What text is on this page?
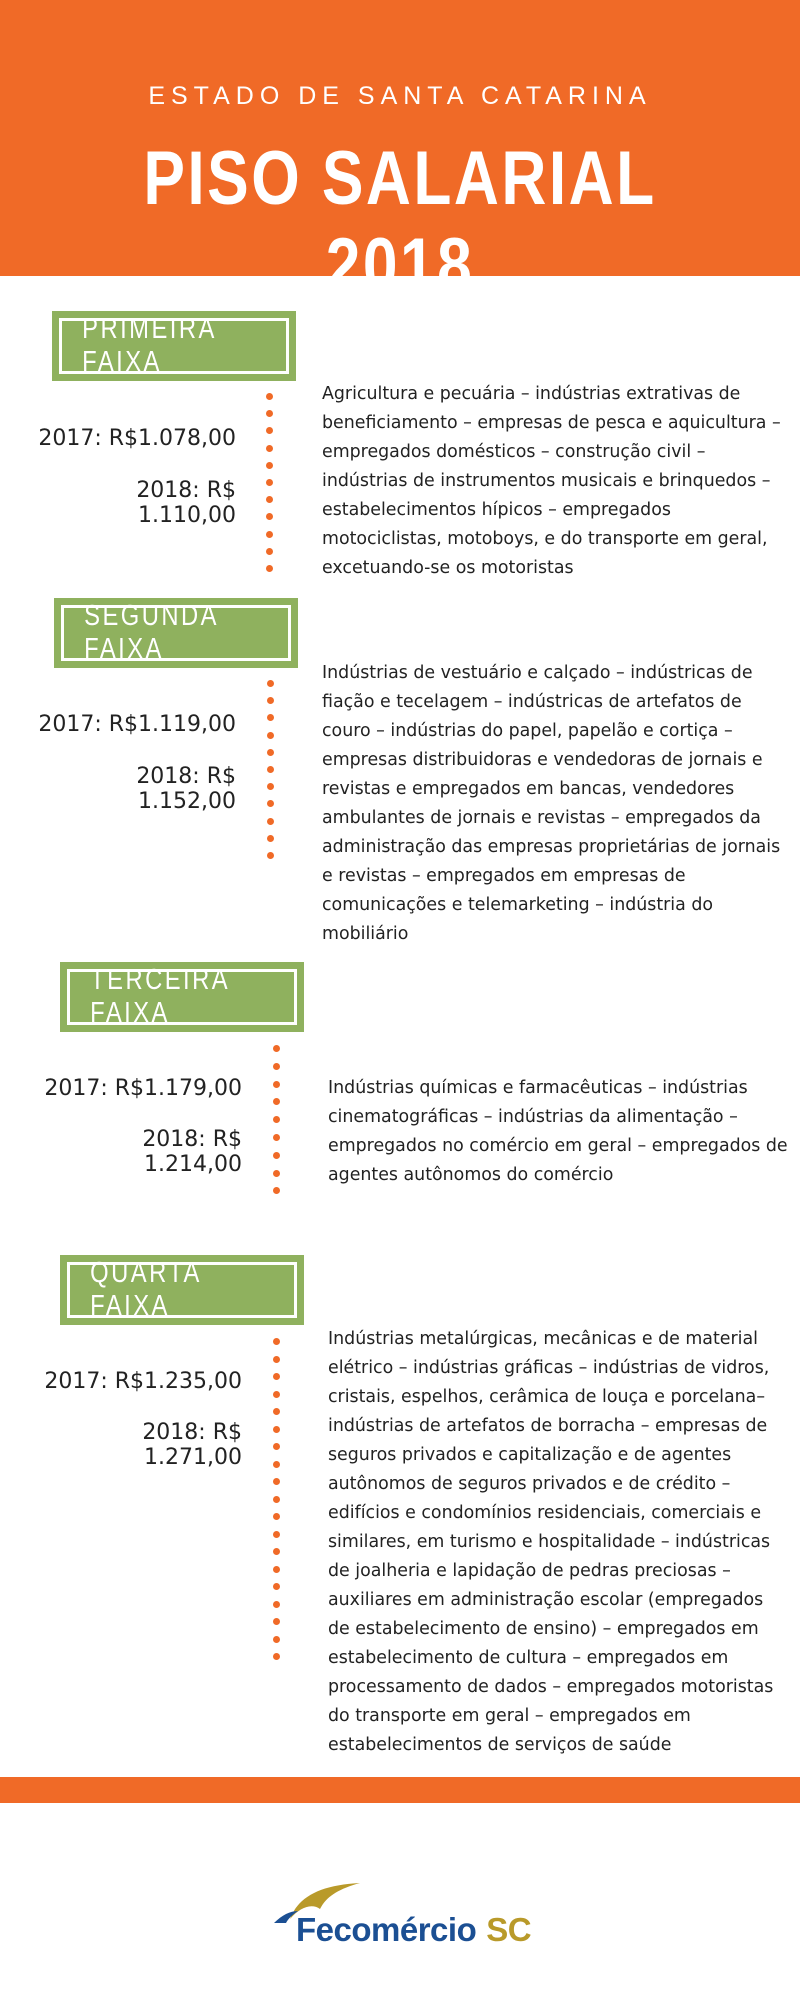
ESTADO DE SANTA CATARINA
PISO SALARIAL 2018
PRIMEIRA FAIXA
2017: R$1.078,00
2018: R$ 1.110,00
Agricultura e pecuária – indústrias extrativas de beneficiamento – empresas de pesca e aquicultura – empregados domésticos – construção civil – indústrias de instrumentos musicais e brinquedos – estabelecimentos hípicos – empregados motociclistas, motoboys, e do transporte em geral, excetuando-se os motoristas
SEGUNDA FAIXA
2017: R$1.119,00
2018: R$ 1.152,00
Indústrias de vestuário e calçado – indústricas de fiação e tecelagem – indústricas de artefatos de couro – indústrias do papel, papelão e cortiça – empresas distribuidoras e vendedoras de jornais e revistas e empregados em bancas, vendedores ambulantes de jornais e revistas – empregados da administração das empresas proprietárias de jornais e revistas – empregados em empresas de comunicações e telemarketing – indústria do mobiliário
TERCEIRA FAIXA
2017: R$1.179,00
2018: R$ 1.214,00
Indústrias químicas e farmacêuticas – indústrias cinematográficas – indústrias da alimentação – empregados no comércio em geral – empregados de agentes autônomos do comércio
QUARTA FAIXA
2017: R$1.235,00
2018: R$ 1.271,00
Indústrias metalúrgicas, mecânicas e de material elétrico – indústrias gráficas – indústrias de vidros, cristais, espelhos, cerâmica de louça e porcelana– indústrias de artefatos de borracha – empresas de seguros privados e capitalização e de agentes autônomos de seguros privados e de crédito – edifícios e condomínios residenciais, comerciais e similares, em turismo e hospitalidade – indústricas de joalheria e lapidação de pedras preciosas – auxiliares em administração escolar (empregados de estabelecimento de ensino) – empregados em estabelecimento de cultura – empregados em processamento de dados – empregados motoristas do transporte em geral – empregados em estabelecimentos de serviços de saúde
Fecomércio SC
